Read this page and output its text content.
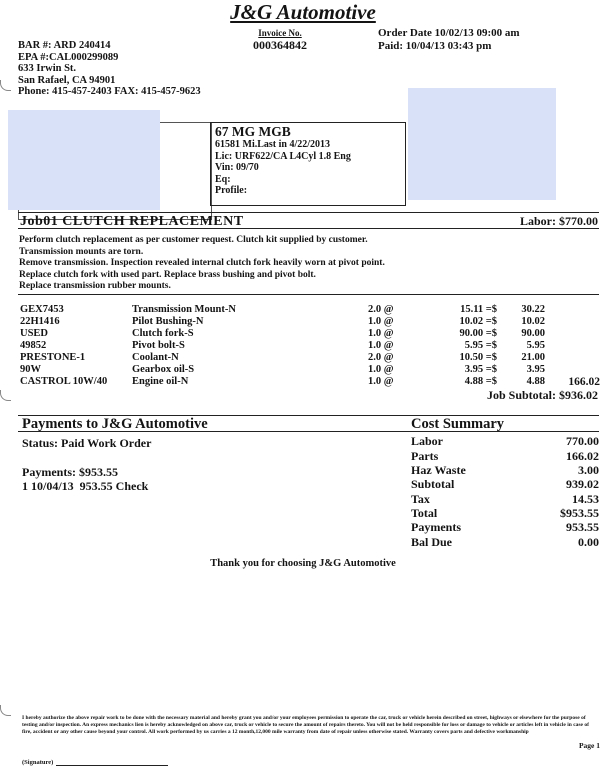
J&G Automotive
Invoice No.
000364842
Order Date 10/02/13 09:00 am
Paid: 10/04/13 03:43 pm
BAR #: ARD 240414
EPA #:CAL000299089
633 Irwin St.
San Rafael, CA 94901
Phone: 415-457-2403 FAX: 415-457-9623
67 MG MGB
61581 Mi.Last in 4/22/2013
Lic: URF622/CA L4Cyl 1.8 Eng
Vin: 09/70
Eq:
Profile:
Job01 CLUTCH REPLACEMENT	Labor: $770.00
Perform clutch replacement as per customer request. Clutch kit supplied by customer.
Transmission mounts are torn.
Remove transmission. Inspection revealed internal clutch fork heavily worn at pivot point.
Replace clutch fork with used part. Replace brass bushing and pivot bolt.
Replace transmission rubber mounts.
GEX7453	Transmission Mount-N	2.0 @	15.11 =$	30.22	
22H1416	Pilot Bushing-N	1.0 @	10.02 =$	10.02	
USED	Clutch fork-S	1.0 @	90.00 =$	90.00	
49852	Pivot bolt-S	1.0 @	5.95 =$	5.95	
PRESTONE-1	Coolant-N	2.0 @	10.50 =$	21.00	
90W	Gearbox oil-S	1.0 @	3.95 =$	3.95	
CASTROL 10W/40	Engine oil-N	1.0 @	4.88 =$	4.88	166.02
Job Subtotal: $936.02
Payments to J&G Automotive
Status: Paid Work Order
Payments: $953.55
1 10/04/13  953.55 Check
Cost Summary
Labor	770.00
Parts	166.02
Haz Waste	3.00
Subtotal	939.02
Tax	14.53
Total	$953.55
Payments	953.55
Bal Due	0.00
Thank you for choosing J&G Automotive
I hereby authorize the above repair work to be done with the necessary material and hereby grant you and/or your employees permission to operate the car, truck or vehicle herein described on street, highways or elsewhere for the purpose of testing and/or inspection. An express mechanics lien is hereby acknowledged on above car, truck or vehicle to secure the amount of repairs thereto. You will not be held responsible for loss or damage to vehicle or articles left in vehicle in case of fire, accident or any other cause beyond your control. All work performed by us carries a 12 month,12,000 mile warranty from date of repair unless otherwise stated. Warranty covers parts and defective workmanship
Page 1
(Signature)
